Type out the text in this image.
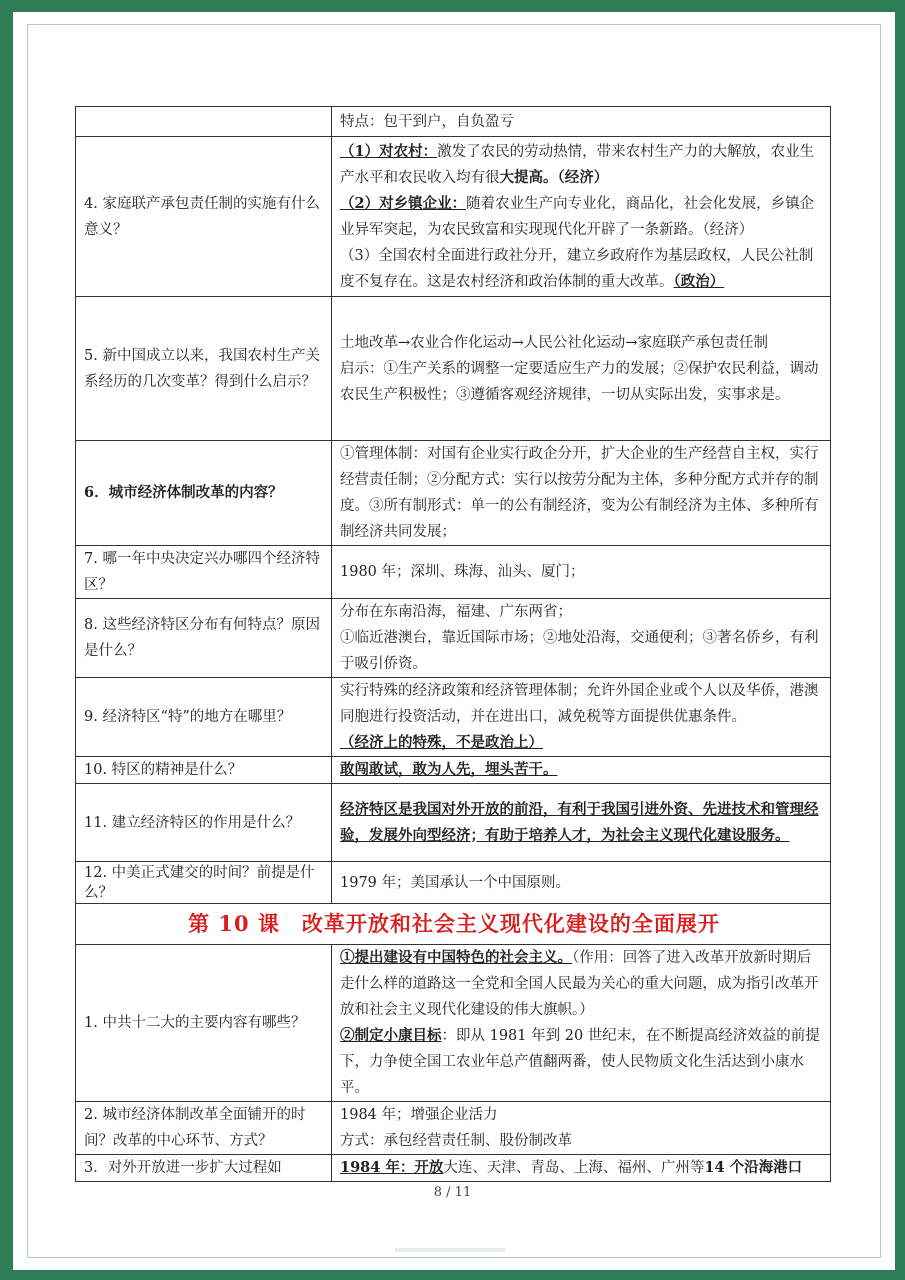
	特点：包干到户，自负盈亏
4. 家庭联产承包责任制的实施有什么意义？	（1）对农村：激发了农民的劳动热情，带来农村生产力的大解放，农业生产水平和农民收入均有很大提高。（经济）
（2）对乡镇企业：随着农业生产向专业化，商品化，社会化发展，乡镇企业异军突起，为农民致富和实现现代化开辟了一条新路。（经济）
（3）全国农村全面进行政社分开，建立乡政府作为基层政权，人民公社制度不复存在。这是农村经济和政治体制的重大改革。（政治）
5. 新中国成立以来，我国农村生产关系经历的几次变革？得到什么启示？	土地改革→农业合作化运动→人民公社化运动→家庭联产承包责任制
启示：①生产关系的调整一定要适应生产力的发展；②保护农民利益，调动农民生产积极性；③遵循客观经济规律，一切从实际出发，实事求是。
6．城市经济体制改革的内容？	①管理体制：对国有企业实行政企分开，扩大企业的生产经营自主权，实行经营责任制；②分配方式：实行以按劳分配为主体，多种分配方式并存的制度。③所有制形式：单一的公有制经济，变为公有制经济为主体、多种所有制经济共同发展；
7. 哪一年中央决定兴办哪四个经济特区？	1980 年；深圳、珠海、汕头、厦门；
8. 这些经济特区分布有何特点？原因是什么？	分布在东南沿海，福建、广东两省；
①临近港澳台，靠近国际市场；②地处沿海，交通便利；③著名侨乡，有利于吸引侨资。
9. 经济特区“特”的地方在哪里？	实行特殊的经济政策和经济管理体制；允许外国企业或个人以及华侨，港澳同胞进行投资活动，并在进出口，减免税等方面提供优惠条件。
（经济上的特殊，不是政治上）
10. 特区的精神是什么？	敢闯敢试，敢为人先，埋头苦干。
11. 建立经济特区的作用是什么？	经济特区是我国对外开放的前沿，有利于我国引进外资、先进技术和管理经验，发展外向型经济；有助于培养人才，为社会主义现代化建设服务。
12. 中美正式建交的时间？前提是什么？	1979 年；美国承认一个中国原则。
第 10 课　改革开放和社会主义现代化建设的全面展开	
1. 中共十二大的主要内容有哪些？	①提出建设有中国特色的社会主义。（作用：回答了进入改革开放新时期后走什么样的道路这一全党和全国人民最为关心的重大问题，成为指引改革开放和社会主义现代化建设的伟大旗帜。）
②制定小康目标：即从 1981 年到 20 世纪末，在不断提高经济效益的前提下，力争使全国工农业年总产值翻两番，使人民物质文化生活达到小康水平。
2. 城市经济体制改革全面铺开的时间？改革的中心环节、方式？	1984 年；增强企业活力
方式：承包经营责任制、股份制改革
3．对外开放进一步扩大过程如	1984 年：开放大连、天津、青岛、上海、福州、广州等14 个沿海港口
8 / 11
